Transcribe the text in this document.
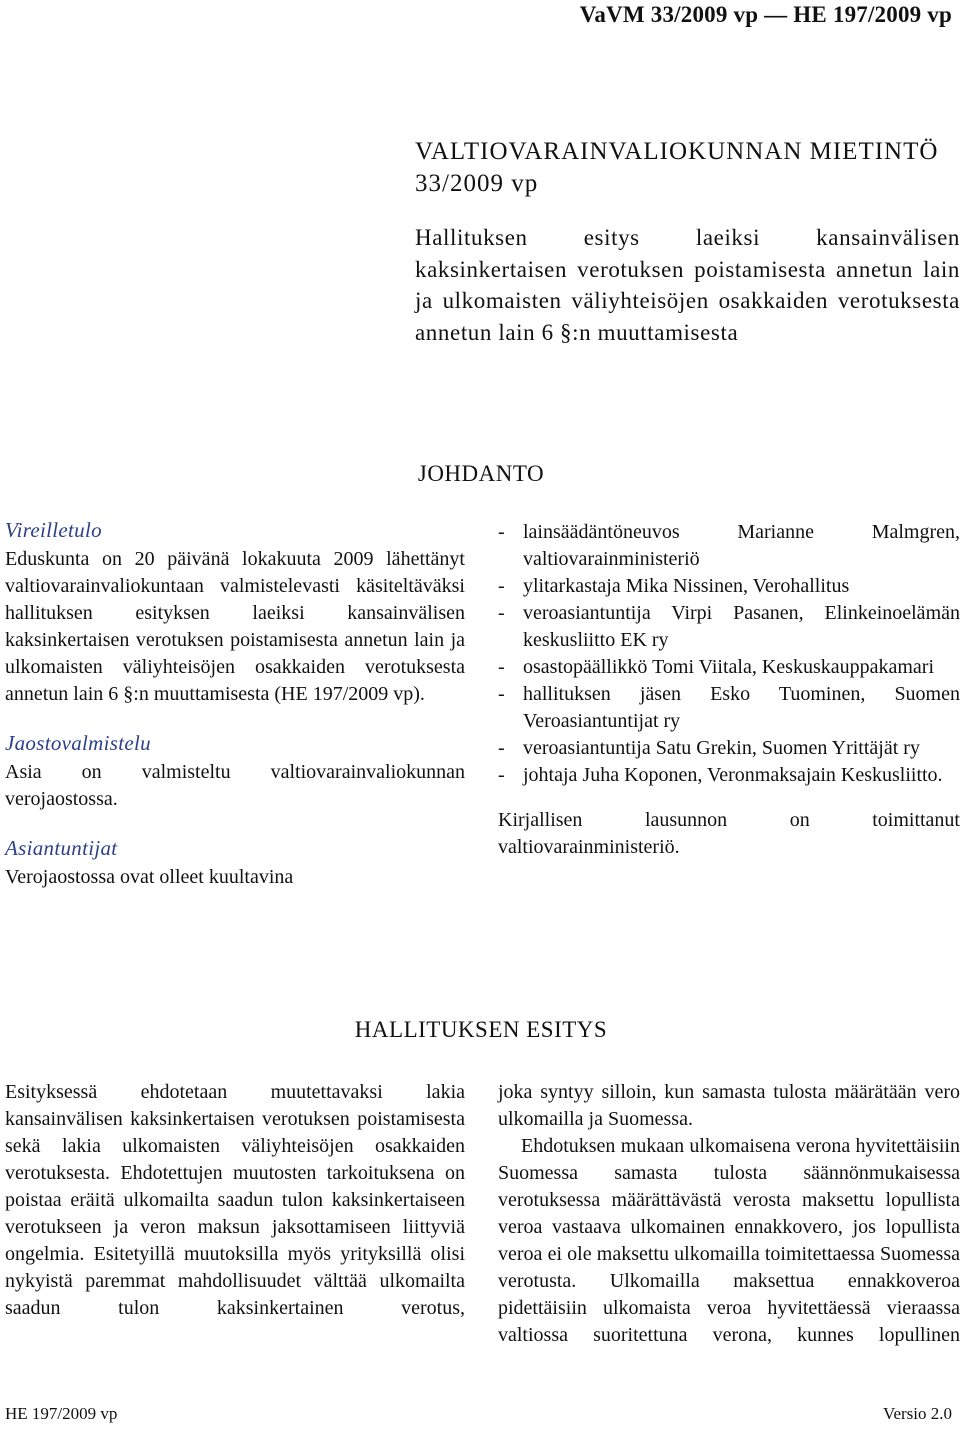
VaVM 33/2009 vp — HE 197/2009 vp
VALTIOVARAINVALIOKUNNAN MIETINTÖ 33/2009 vp

Hallituksen esitys laeiksi kansainvälisen kaksinkertaisen verotuksen poistamisesta annetun lain ja ulkomaisten väliyhteisöjen osakkaiden verotuksesta annetun lain 6 §:n muuttamisesta

JOHDANTO
Vireilletulo

Eduskunta on 20 päivänä lokakuuta 2009 lähettänyt valtiovarainvaliokuntaan valmistelevasti käsiteltäväksi hallituksen esityksen laeiksi kansainvälisen kaksinkertaisen verotuksen poistamisesta annetun lain ja ulkomaisten väliyhteisöjen osakkaiden verotuksesta annetun lain 6 §:n muuttamisesta (HE 197/2009 vp).

Jaostovalmistelu

Asia on valmisteltu valtiovarainvaliokunnan verojaostossa.

Asiantuntijat

Verojaostossa ovat olleet kuultavina

- lainsäädäntöneuvos Marianne Malmgren, valtiovarainministeriö
- ylitarkastaja Mika Nissinen, Verohallitus
- veroasiantuntija Virpi Pasanen, Elinkeinoelämän keskusliitto EK ry
- osastopäällikkö Tomi Viitala, Keskuskauppakamari
- hallituksen jäsen Esko Tuominen, Suomen Veroasiantuntijat ry
- veroasiantuntija Satu Grekin, Suomen Yrittäjät ry
- johtaja Juha Koponen, Veronmaksajain Keskusliitto.

Kirjallisen lausunnon on toimittanut valtiovarainministeriö.

HALLITUKSEN ESITYS

Esityksessä ehdotetaan muutettavaksi lakia kansainvälisen kaksinkertaisen verotuksen poistamisesta sekä lakia ulkomaisten väliyhteisöjen osakkaiden verotuksesta. Ehdotettujen muutosten tarkoituksena on poistaa eräitä ulkomailta saadun tulon kaksinkertaiseen verotukseen ja veron maksun jaksottamiseen liittyviä ongelmia. Esitetyillä muutoksilla myös yrityksillä olisi nykyistä paremmat mahdollisuudet välttää ulkomailta saadun tulon kaksinkertainen verotus,

joka syntyy silloin, kun samasta tulosta määrätään vero ulkomailla ja Suomessa.

Ehdotuksen mukaan ulkomaisena verona hyvitettäisiin Suomessa samasta tulosta säännönmukaisessa verotuksessa määrättävästä verosta maksettu lopullista veroa vastaava ulkomainen ennakkovero, jos lopullista veroa ei ole maksettu ulkomailla toimitettaessa Suomessa verotusta. Ulkomailla maksettua ennakkoveroa pidettäisiin ulkomaista veroa hyvitettäessä vieraassa valtiossa suoritettuna verona, kunnes lopullinen

HE 197/2009 vp	Versio 2.0
